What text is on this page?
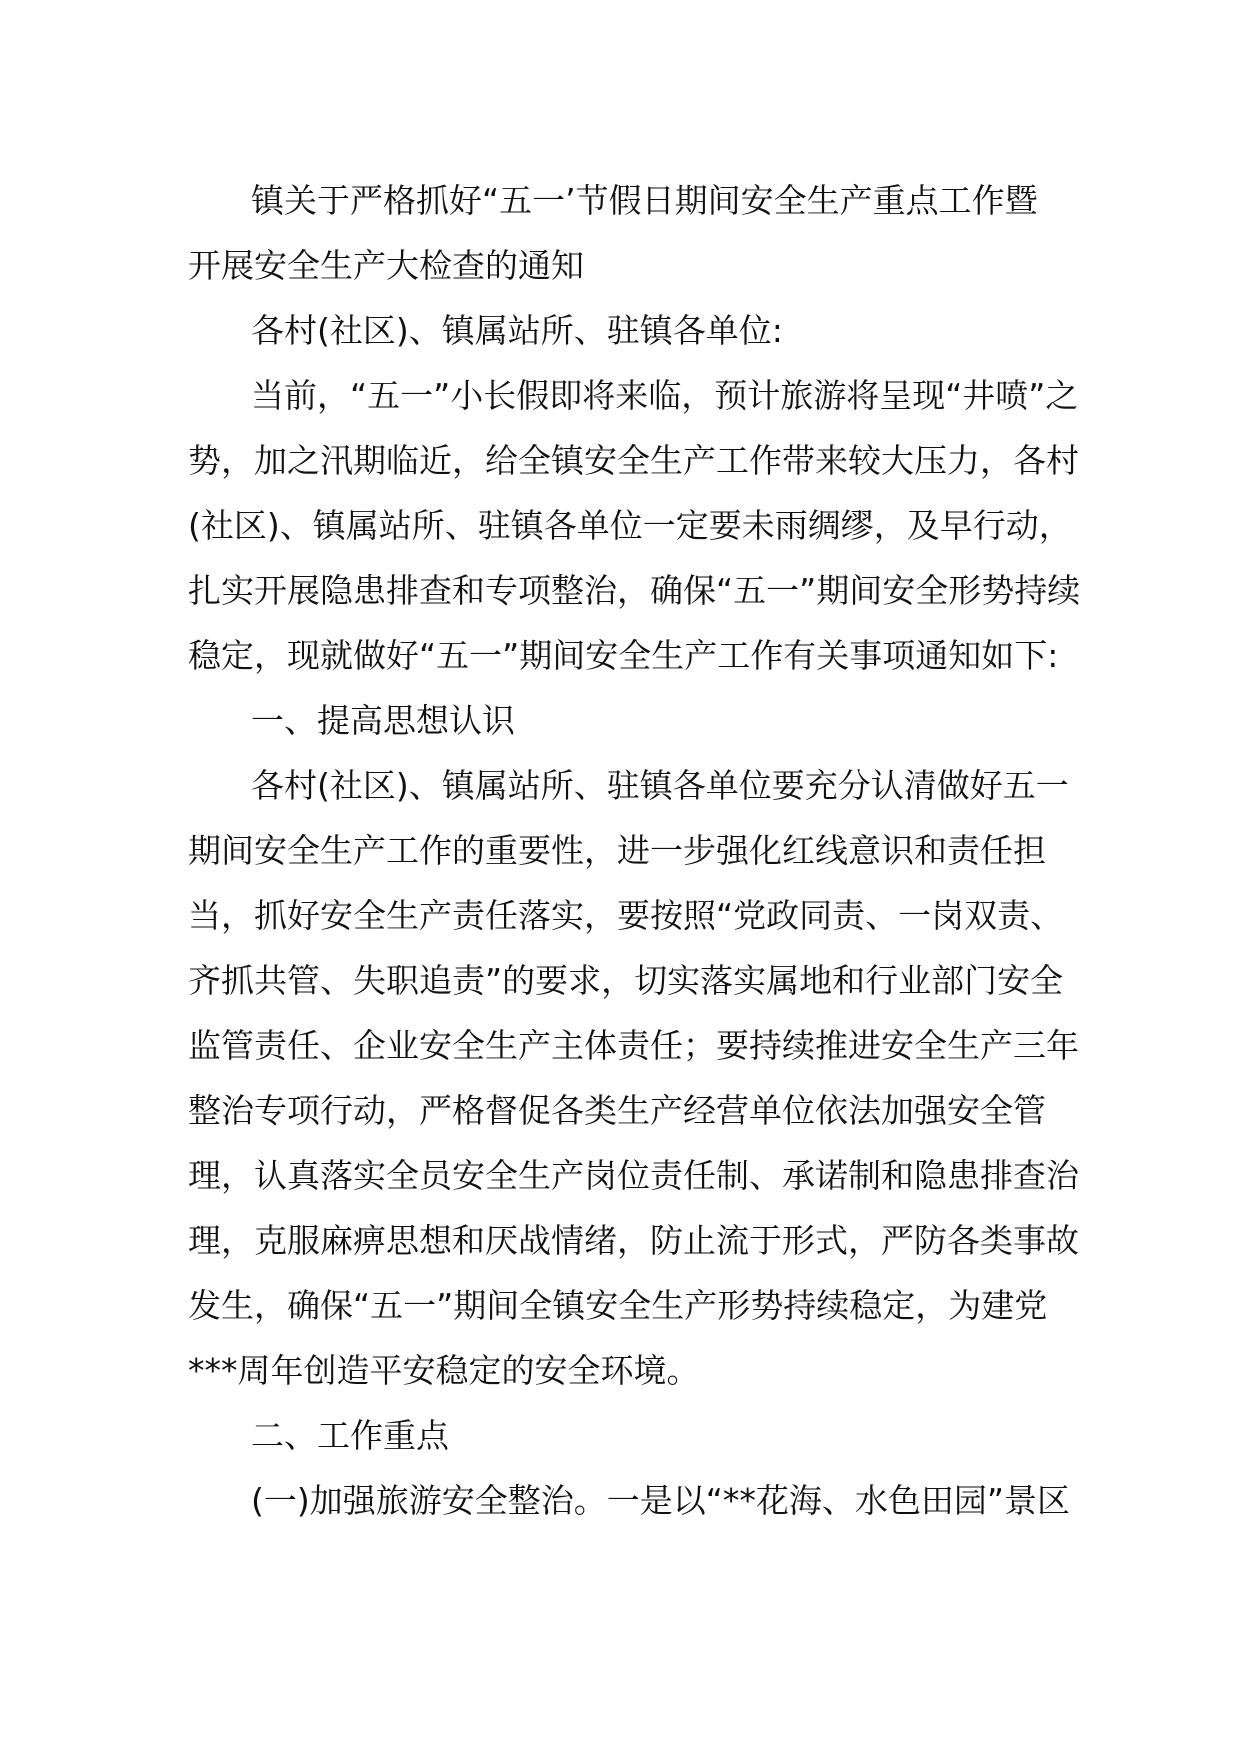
镇关于严格抓好“五一’节假日期间安全生产重点工作暨

开展安全生产大检查的通知

各村(社区)、镇属站所、驻镇各单位:

当前，“五一”小长假即将来临，预计旅游将呈现“井喷”之势，加之汛期临近，给全镇安全生产工作带来较大压力，各村(社区)、镇属站所、驻镇各单位一定要未雨绸缪，及早行动，扎实开展隐患排查和专项整治，确保“五一”期间安全形势持续稳定，现就做好“五一”期间安全生产工作有关事项通知如下:

一、提高思想认识

各村(社区)、镇属站所、驻镇各单位要充分认清做好五一期间安全生产工作的重要性，进一步强化红线意识和责任担当，抓好安全生产责任落实，要按照“党政同责、一岗双责、齐抓共管、失职追责”的要求，切实落实属地和行业部门安全监管责任、企业安全生产主体责任；要持续推进安全生产三年整治专项行动，严格督促各类生产经营单位依法加强安全管理，认真落实全员安全生产岗位责任制、承诺制和隐患排查治理，克服麻痹思想和厌战情绪，防止流于形式，严防各类事故发生，确保“五一”期间全镇安全生产形势持续稳定，为建党***周年创造平安稳定的安全环境。

二、工作重点

(一)加强旅游安全整治。一是以“**花海、水色田园”景区
